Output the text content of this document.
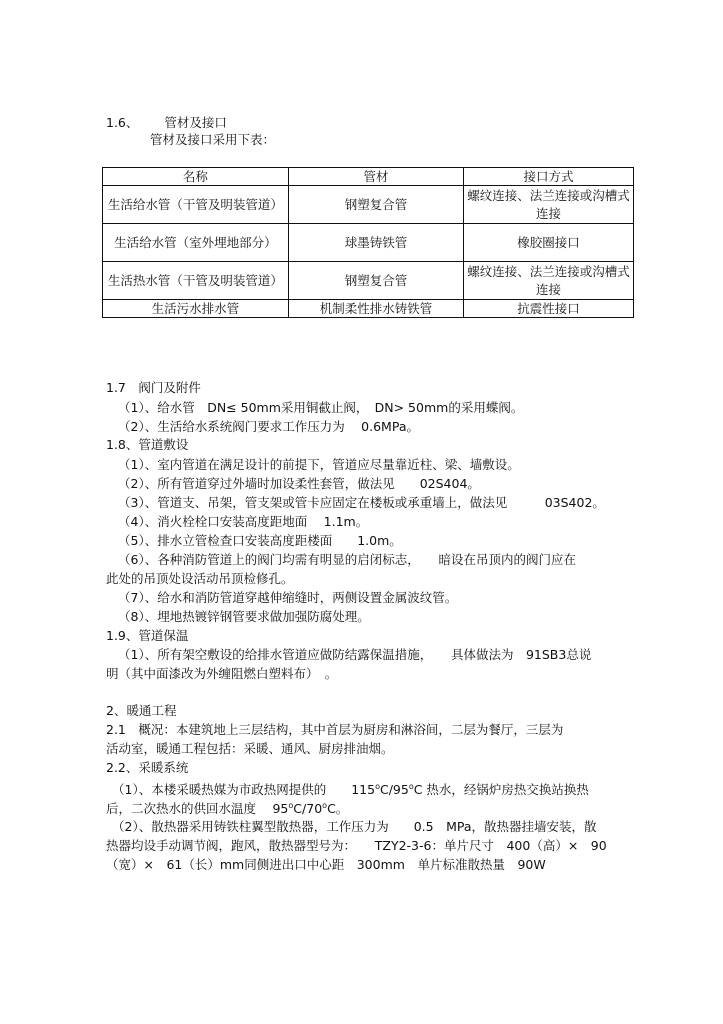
1.6、 管材及接口
管材及接口采用下表：
名称	管材	接口方式
生活给水管（干管及明装管道）	钢塑复合管	螺纹连接、法兰连接或沟槽式连接
生活给水管（室外埋地部分）	球墨铸铁管	橡胶圈接口
生活热水管（干管及明装管道）	钢塑复合管	螺纹连接、法兰连接或沟槽式连接
生活污水排水管	机制柔性排水铸铁管	抗震性接口
1.7　阀门及附件
（1）、给水管　DN≤ 50mm采用铜截止阀，　DN> 50mm的采用蝶阀。
（2）、生活给水系统阀门要求工作压力为　 0.6MPa。
1.8、管道敷设
（1）、室内管道在满足设计的前提下，管道应尽量靠近柱、梁、墙敷设。
（2）、所有管道穿过外墙时加设柔性套管，做法见　　02S404。
（3）、管道支、吊架，管支架或管卡应固定在楼板或承重墙上，做法见　　　03S402。
（4）、消火栓栓口安装高度距地面　 1.1m。
（5）、排水立管检查口安装高度距楼面　　1.0m。
（6）、各种消防管道上的阀门均需有明显的启闭标志，　　暗设在吊顶内的阀门应在
此处的吊顶处设活动吊顶检修孔。
（7）、给水和消防管道穿越伸缩缝时，两侧设置金属波纹管。
（8）、埋地热镀锌钢管要求做加强防腐处理。
1.9、管道保温
（1）、所有架空敷设的给排水管道应做防结露保温措施，　　具体做法为　91SB3总说
明（其中面漆改为外缠阻燃白塑料布）　。
2、暖通工程
2.1　概况：本建筑地上三层结构，其中首层为厨房和淋浴间，二层为餐厅，三层为
活动室，暖通工程包括：采暖、通风、厨房排油烟。
2.2、采暖系统
（1）、本楼采暖热媒为市政热网提供的　　115$^o$C/95$^o$C 热水，经锅炉房热交换站换热
后，二次热水的供回水温度　 95$^o$C/70$^o$C。
（2）、散热器采用铸铁柱翼型散热器，工作压力为　　0.5　MPa，散热器挂墙安装，散
热器均设手动调节阀，跑风，散热器型号为：　　TZY2-3-6：单片尺寸　400（高）×　90
（宽）×　61（长）mm同侧进出口中心距　300mm　单片标准散热量　90W
